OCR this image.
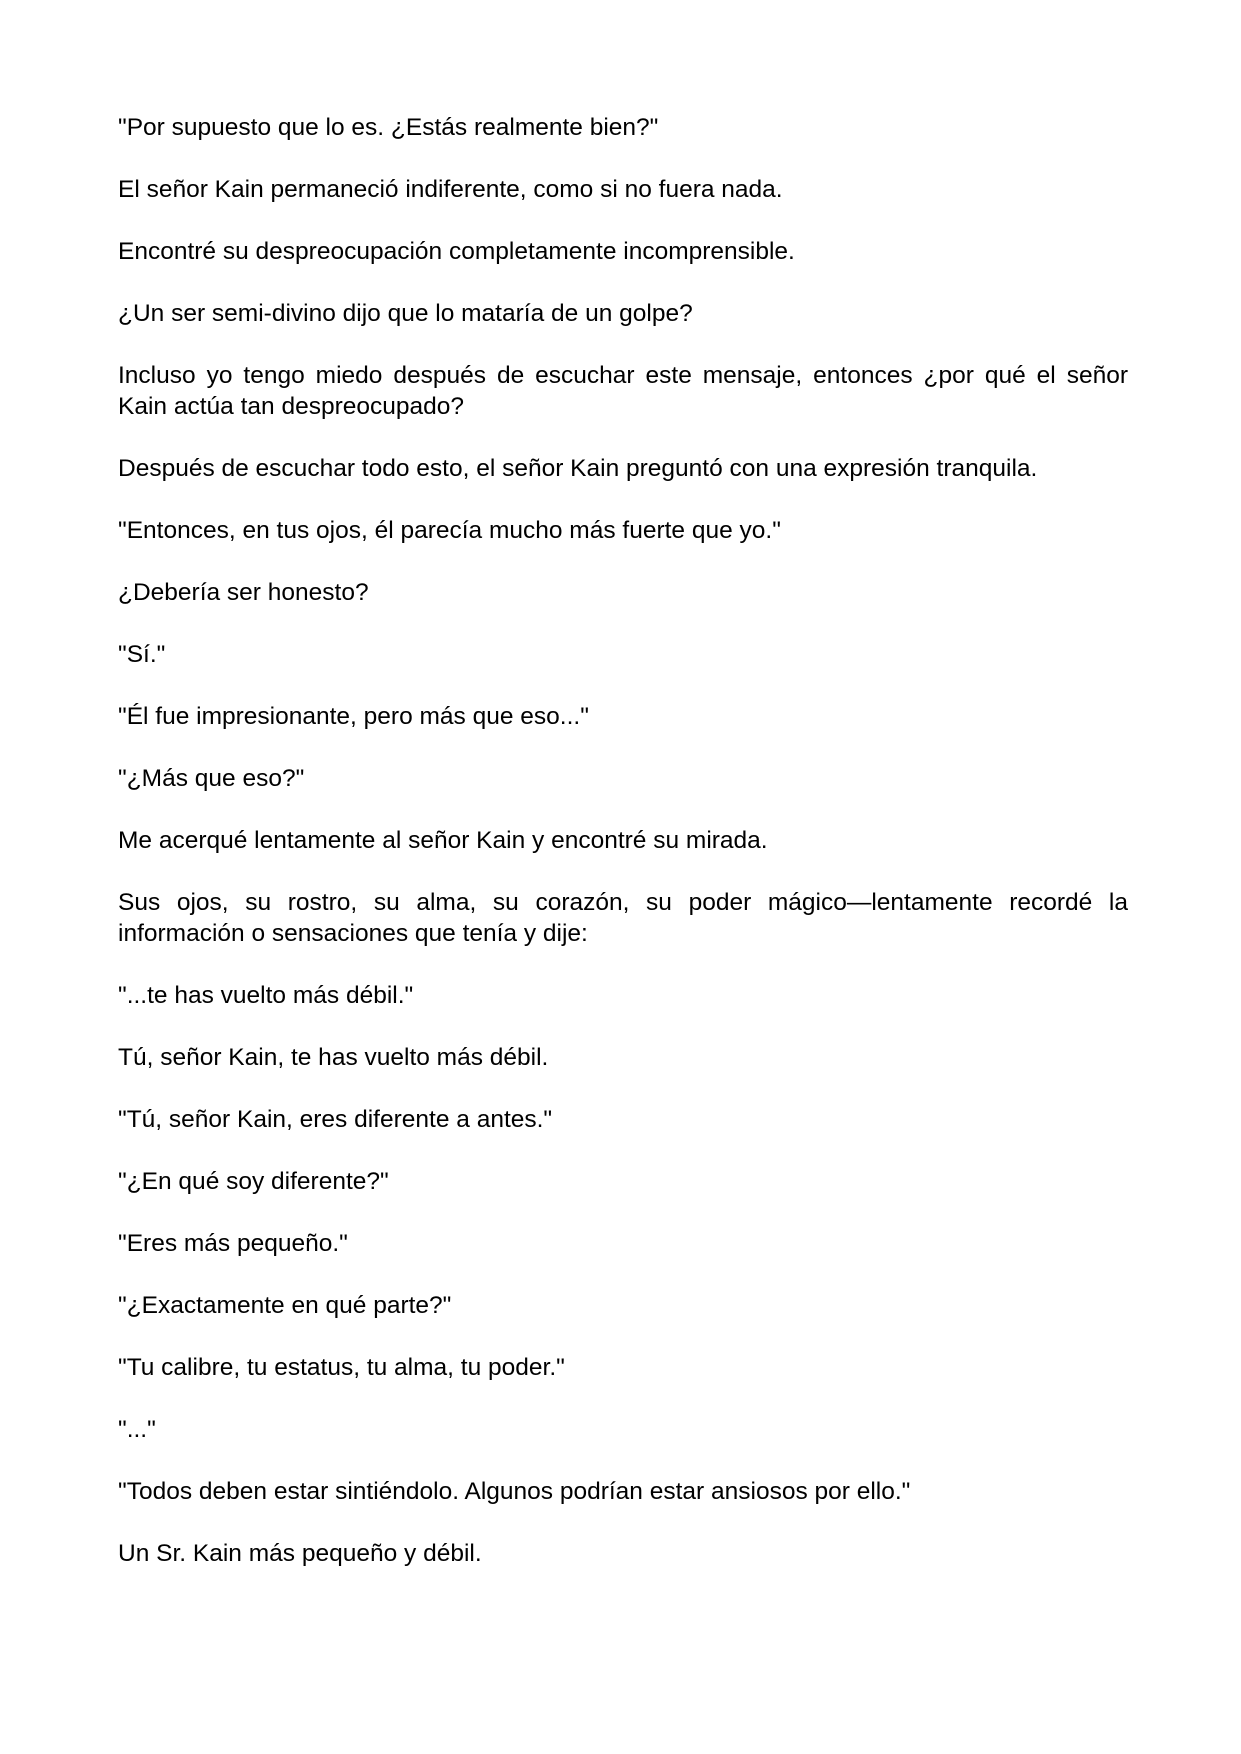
"Por supuesto que lo es. ¿Estás realmente bien?"

El señor Kain permaneció indiferente, como si no fuera nada.

Encontré su despreocupación completamente incomprensible.

¿Un ser semi-divino dijo que lo mataría de un golpe?

Incluso yo tengo miedo después de escuchar este mensaje, entonces ¿por qué el señor Kain actúa tan despreocupado?

Después de escuchar todo esto, el señor Kain preguntó con una expresión tranquila.

"Entonces, en tus ojos, él parecía mucho más fuerte que yo."

¿Debería ser honesto?

"Sí."

"Él fue impresionante, pero más que eso..."

"¿Más que eso?"

Me acerqué lentamente al señor Kain y encontré su mirada.

Sus ojos, su rostro, su alma, su corazón, su poder mágico—lentamente recordé la información o sensaciones que tenía y dije:

"...te has vuelto más débil."

Tú, señor Kain, te has vuelto más débil.

"Tú, señor Kain, eres diferente a antes."

"¿En qué soy diferente?"

"Eres más pequeño."

"¿Exactamente en qué parte?"

"Tu calibre, tu estatus, tu alma, tu poder."

"..."

"Todos deben estar sintiéndolo. Algunos podrían estar ansiosos por ello."

Un Sr. Kain más pequeño y débil.
